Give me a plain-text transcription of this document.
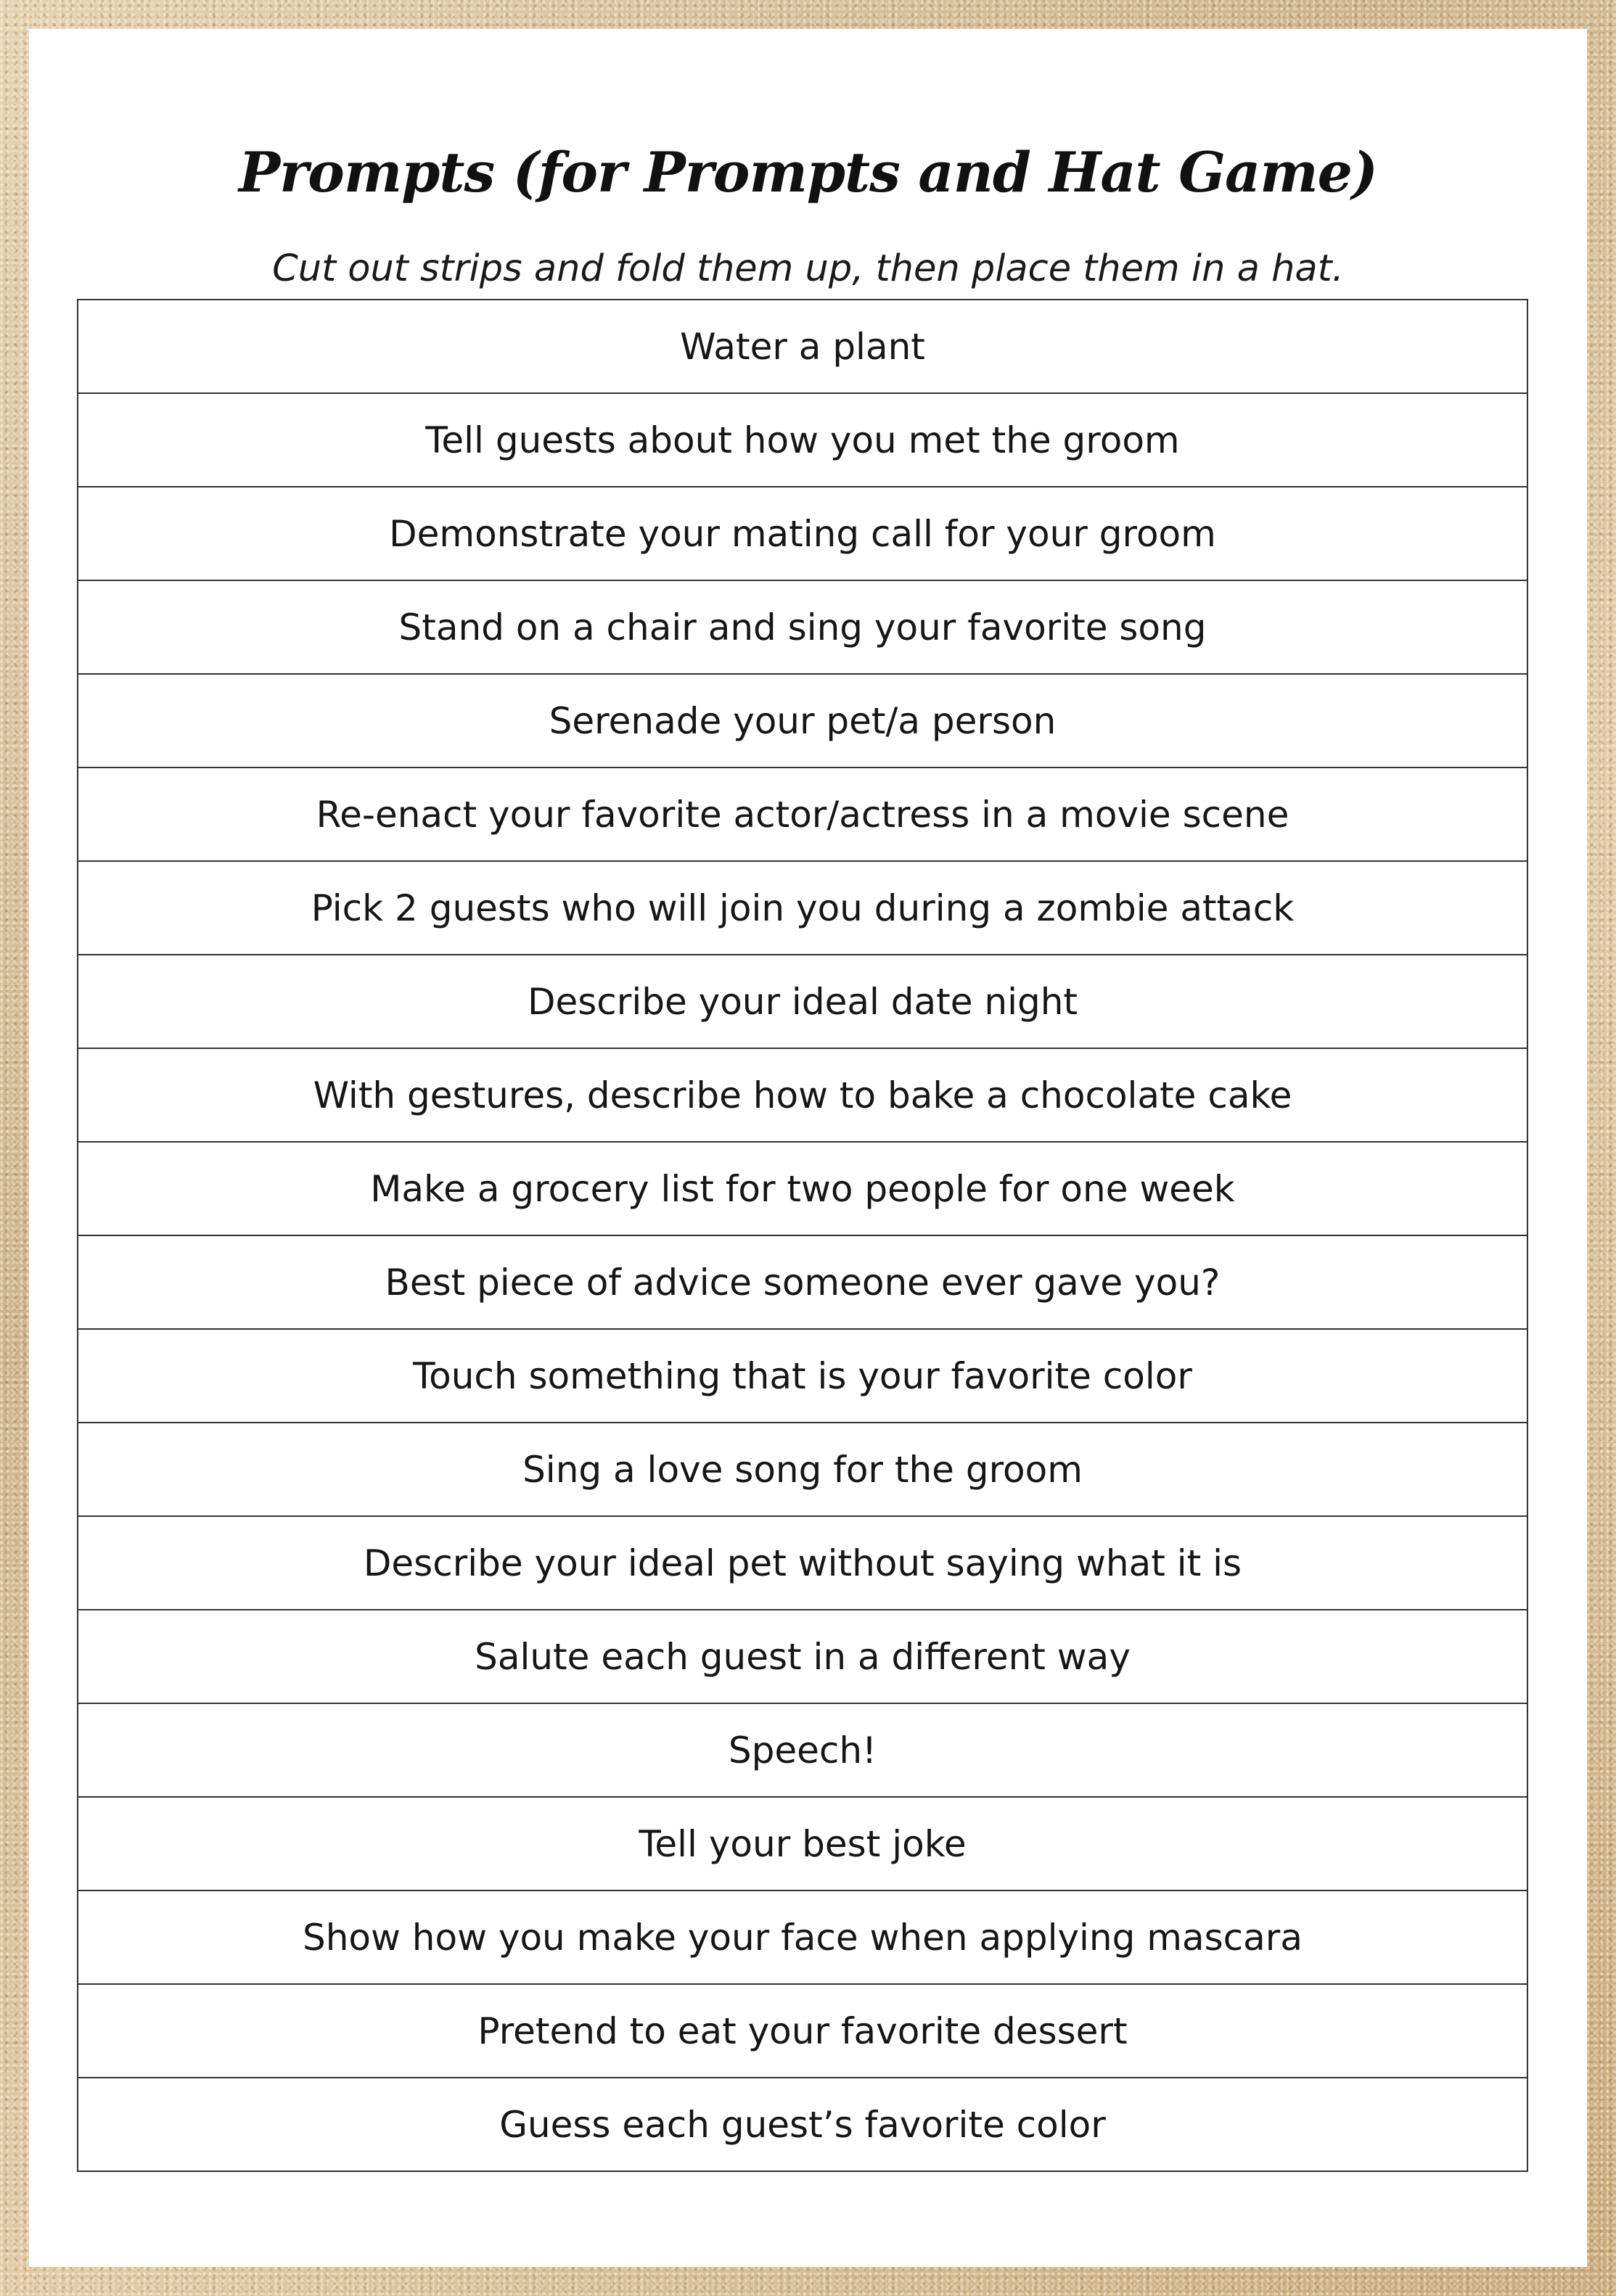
Prompts (for Prompts and Hat Game)
Cut out strips and fold them up, then place them in a hat.
Water a plant
Tell guests about how you met the groom
Demonstrate your mating call for your groom
Stand on a chair and sing your favorite song
Serenade your pet/a person
Re-enact your favorite actor/actress in a movie scene
Pick 2 guests who will join you during a zombie attack
Describe your ideal date night
With gestures, describe how to bake a chocolate cake
Make a grocery list for two people for one week
Best piece of advice someone ever gave you?
Touch something that is your favorite color
Sing a love song for the groom
Describe your ideal pet without saying what it is
Salute each guest in a different way
Speech!
Tell your best joke
Show how you make your face when applying mascara
Pretend to eat your favorite dessert
Guess each guest’s favorite color
